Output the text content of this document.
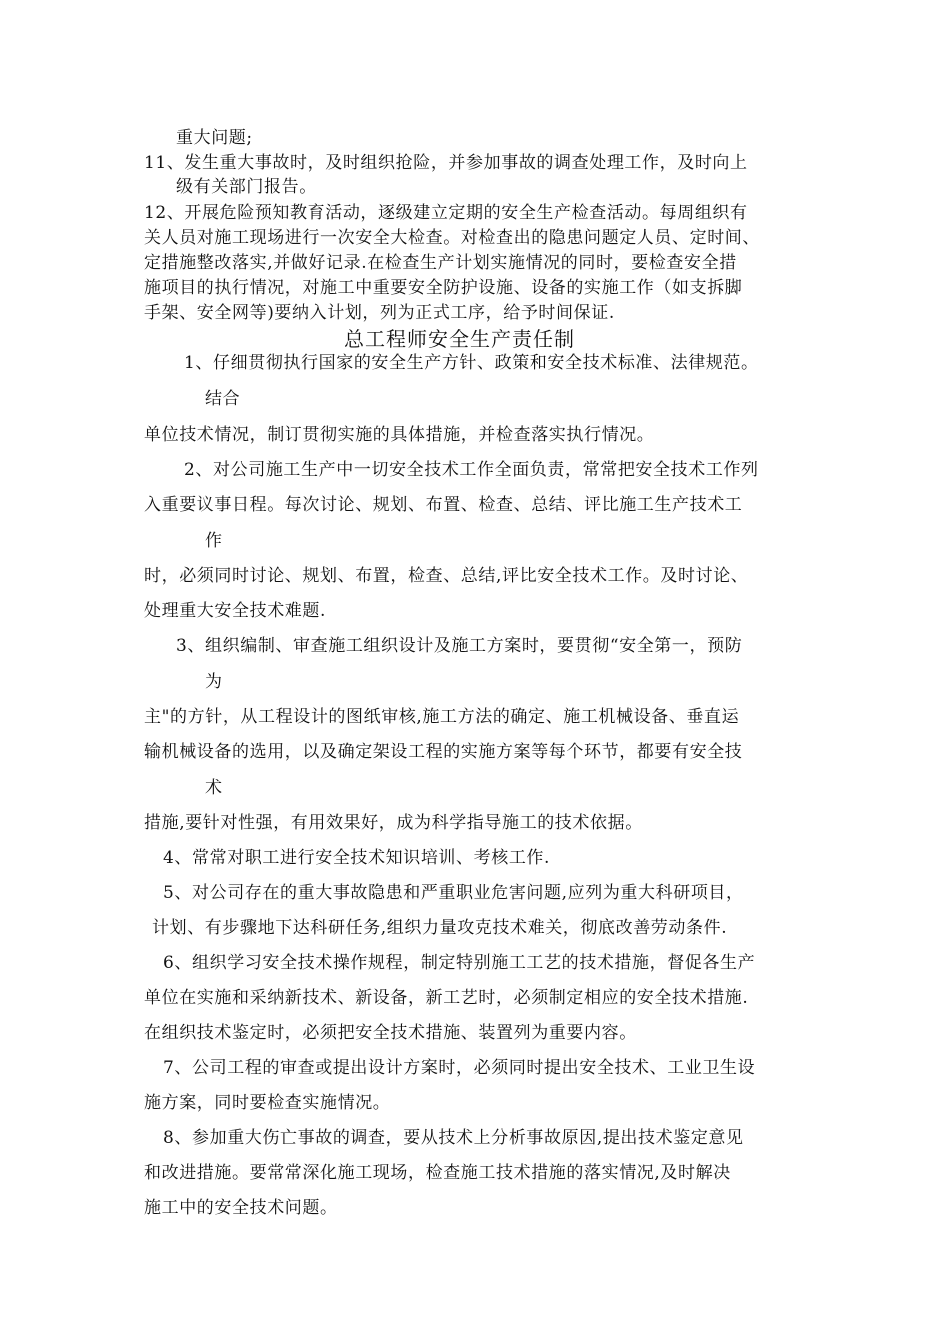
重大问题;
11、发生重大事故时，及时组织抢险，并参加事故的调查处理工作，及时向上
级有关部门报告。
12、开展危险预知教育活动，逐级建立定期的安全生产检查活动。每周组织有
关人员对施工现场进行一次安全大检查。对检查出的隐患问题定人员、定时间、
定措施整改落实,并做好记录.在检查生产计划实施情况的同时，要检查安全措
施项目的执行情况，对施工中重要安全防护设施、设备的实施工作（如支拆脚
手架、安全网等)要纳入计划，列为正式工序，给予时间保证.
总工程师安全生产责任制
1、仔细贯彻执行国家的安全生产方针、政策和安全技术标准、法律规范。
结合
单位技术情况，制订贯彻实施的具体措施，并检查落实执行情况。
2、对公司施工生产中一切安全技术工作全面负责，常常把安全技术工作列
入重要议事日程。每次讨论、规划、布置、检查、总结、评比施工生产技术工
作
时，必须同时讨论、规划、布置，检查、总结,评比安全技术工作。及时讨论、
处理重大安全技术难题.
3、组织编制、审查施工组织设计及施工方案时，要贯彻“安全第一，预防
为
主"的方针，从工程设计的图纸审核,施工方法的确定、施工机械设备、垂直运
输机械设备的选用，以及确定架设工程的实施方案等每个环节，都要有安全技
术
措施,要针对性强，有用效果好，成为科学指导施工的技术依据。
4、常常对职工进行安全技术知识培训、考核工作.
5、对公司存在的重大事故隐患和严重职业危害问题,应列为重大科研项目，
计划、有步骤地下达科研任务,组织力量攻克技术难关，彻底改善劳动条件.
6、组织学习安全技术操作规程，制定特别施工工艺的技术措施，督促各生产
单位在实施和采纳新技术、新设备，新工艺时，必须制定相应的安全技术措施.
在组织技术鉴定时，必须把安全技术措施、装置列为重要内容。
7、公司工程的审查或提出设计方案时，必须同时提出安全技术、工业卫生设
施方案，同时要检查实施情况。
8、参加重大伤亡事故的调查，要从技术上分析事故原因,提出技术鉴定意见
和改进措施。要常常深化施工现场，检查施工技术措施的落实情况,及时解决
施工中的安全技术问题。
